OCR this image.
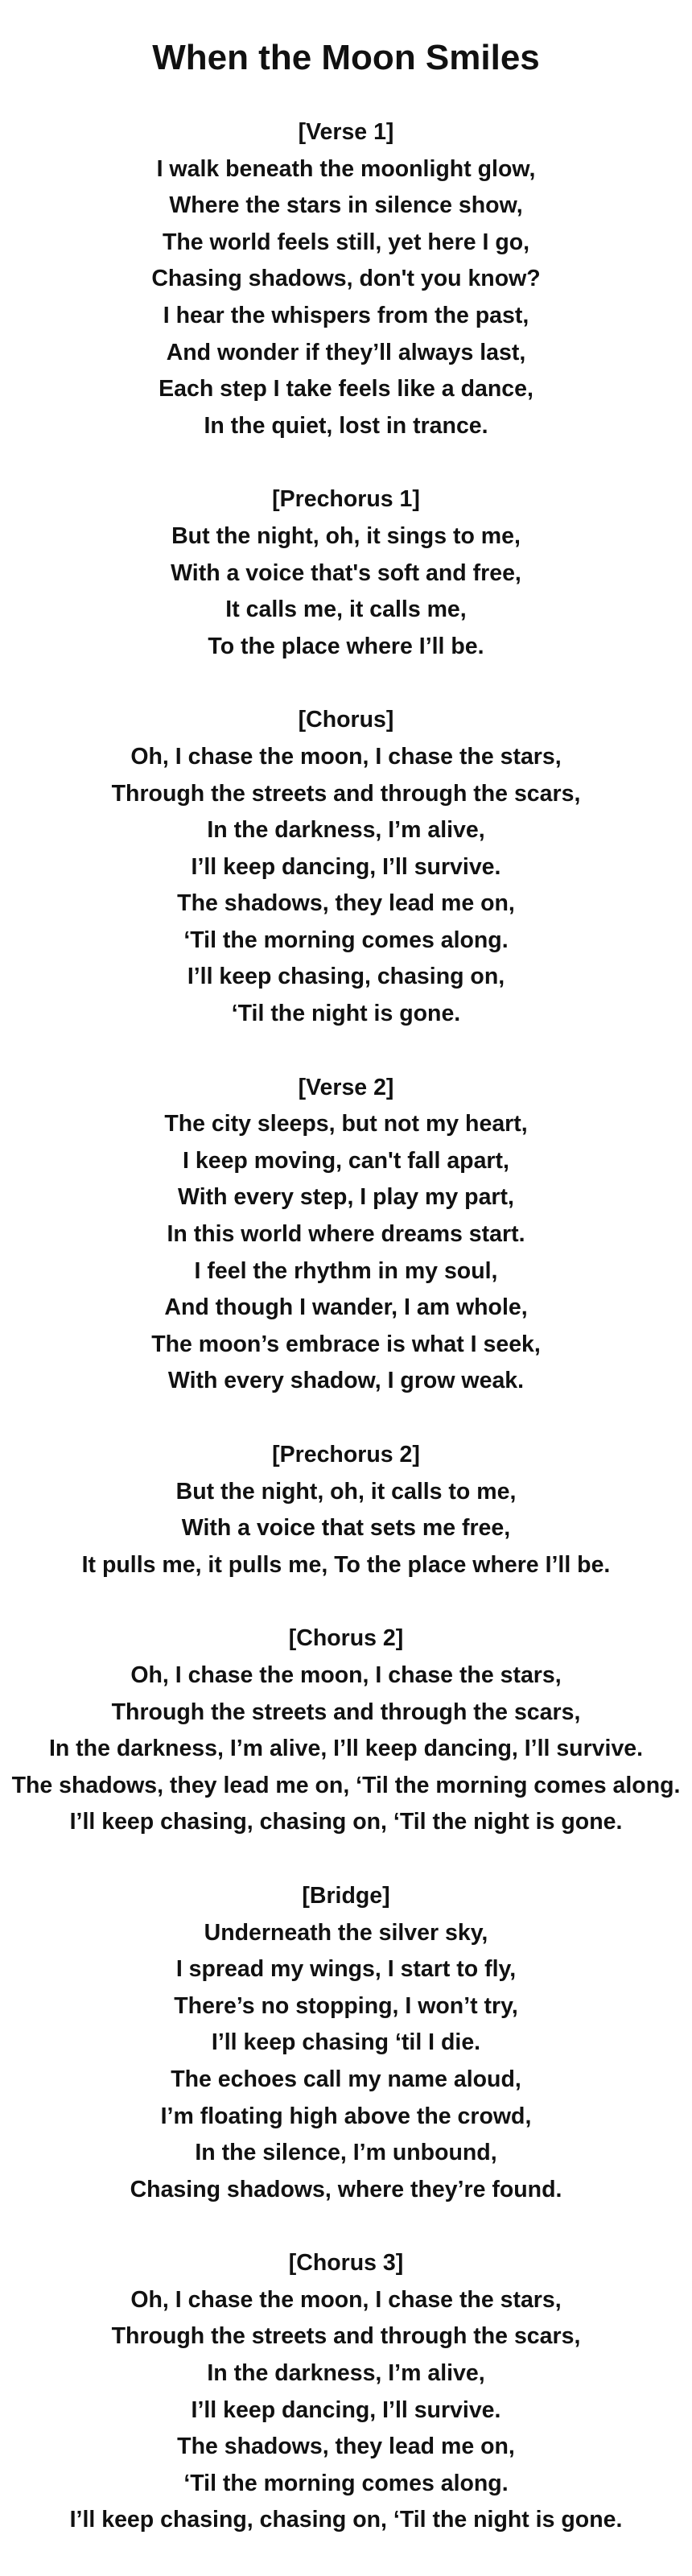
When the Moon Smiles
[Verse 1]
I walk beneath the moonlight glow,
Where the stars in silence show,
The world feels still, yet here I go,
Chasing shadows, don't you know?
I hear the whispers from the past,
And wonder if they’ll always last,
Each step I take feels like a dance,
In the quiet, lost in trance.
[Prechorus 1]
But the night, oh, it sings to me,
With a voice that's soft and free,
It calls me, it calls me,
To the place where I’ll be.
[Chorus]
Oh, I chase the moon, I chase the stars,
Through the streets and through the scars,
In the darkness, I’m alive,
I’ll keep dancing, I’ll survive.
The shadows, they lead me on,
‘Til the morning comes along.
I’ll keep chasing, chasing on,
‘Til the night is gone.
[Verse 2]
The city sleeps, but not my heart,
I keep moving, can't fall apart,
With every step, I play my part,
In this world where dreams start.
I feel the rhythm in my soul,
And though I wander, I am whole,
The moon’s embrace is what I seek,
With every shadow, I grow weak.
[Prechorus 2]
But the night, oh, it calls to me,
With a voice that sets me free,
It pulls me, it pulls me, To the place where I’ll be.
[Chorus 2]
Oh, I chase the moon, I chase the stars,
Through the streets and through the scars,
In the darkness, I’m alive, I’ll keep dancing, I’ll survive.
The shadows, they lead me on, ‘Til the morning comes along.
I’ll keep chasing, chasing on, ‘Til the night is gone.
[Bridge]
Underneath the silver sky,
I spread my wings, I start to fly,
There’s no stopping, I won’t try,
I’ll keep chasing ‘til I die.
The echoes call my name aloud,
I’m floating high above the crowd,
In the silence, I’m unbound,
Chasing shadows, where they’re found.
[Chorus 3]
Oh, I chase the moon, I chase the stars,
Through the streets and through the scars,
In the darkness, I’m alive,
I’ll keep dancing, I’ll survive.
The shadows, they lead me on,
‘Til the morning comes along.
I’ll keep chasing, chasing on, ‘Til the night is gone.
